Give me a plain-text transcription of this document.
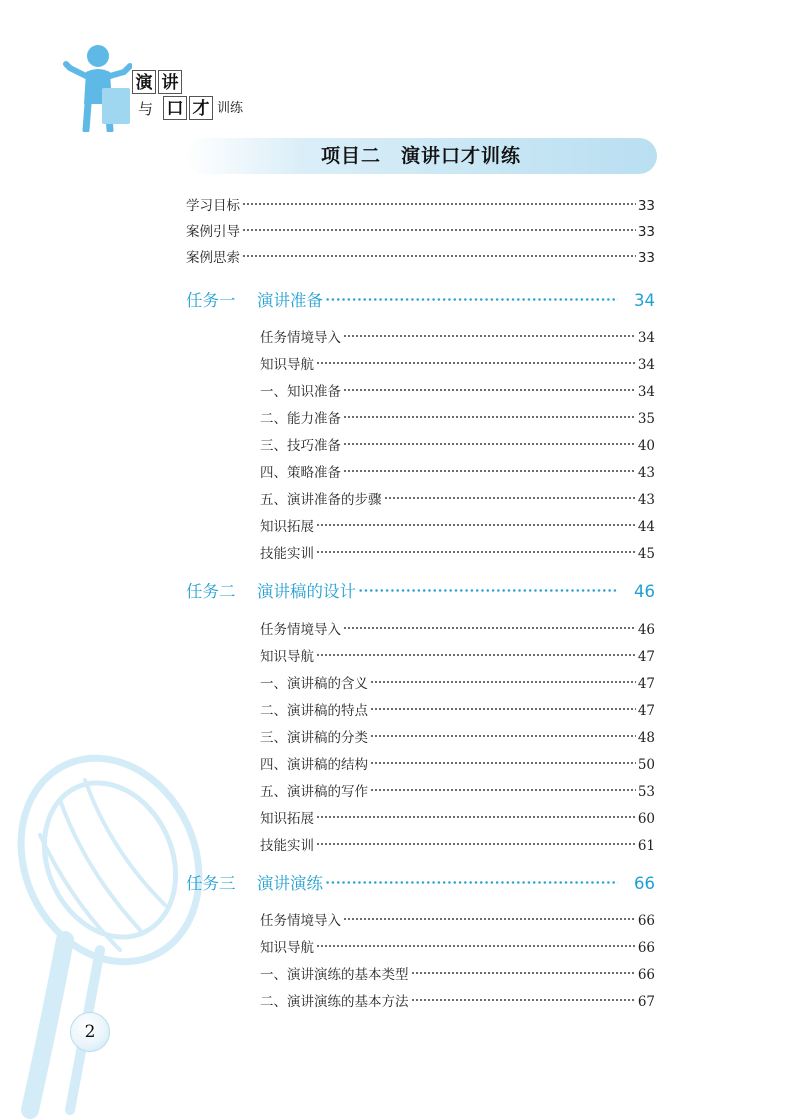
演 讲
与 口 才 训练
项目二　演讲口才训练
学习目标	33
案例引导	33
案例思索	33
任务一 演讲准备	34
任务情境导入	34
知识导航	34
一、知识准备	34
二、能力准备	35
三、技巧准备	40
四、策略准备	43
五、演讲准备的步骤	43
知识拓展	44
技能实训	45
任务二 演讲稿的设计	46
任务情境导入	46
知识导航	47
一、演讲稿的含义	47
二、演讲稿的特点	47
三、演讲稿的分类	48
四、演讲稿的结构	50
五、演讲稿的写作	53
知识拓展	60
技能实训	61
任务三 演讲演练	66
任务情境导入	66
知识导航	66
一、演讲演练的基本类型	66
二、演讲演练的基本方法	67
2
